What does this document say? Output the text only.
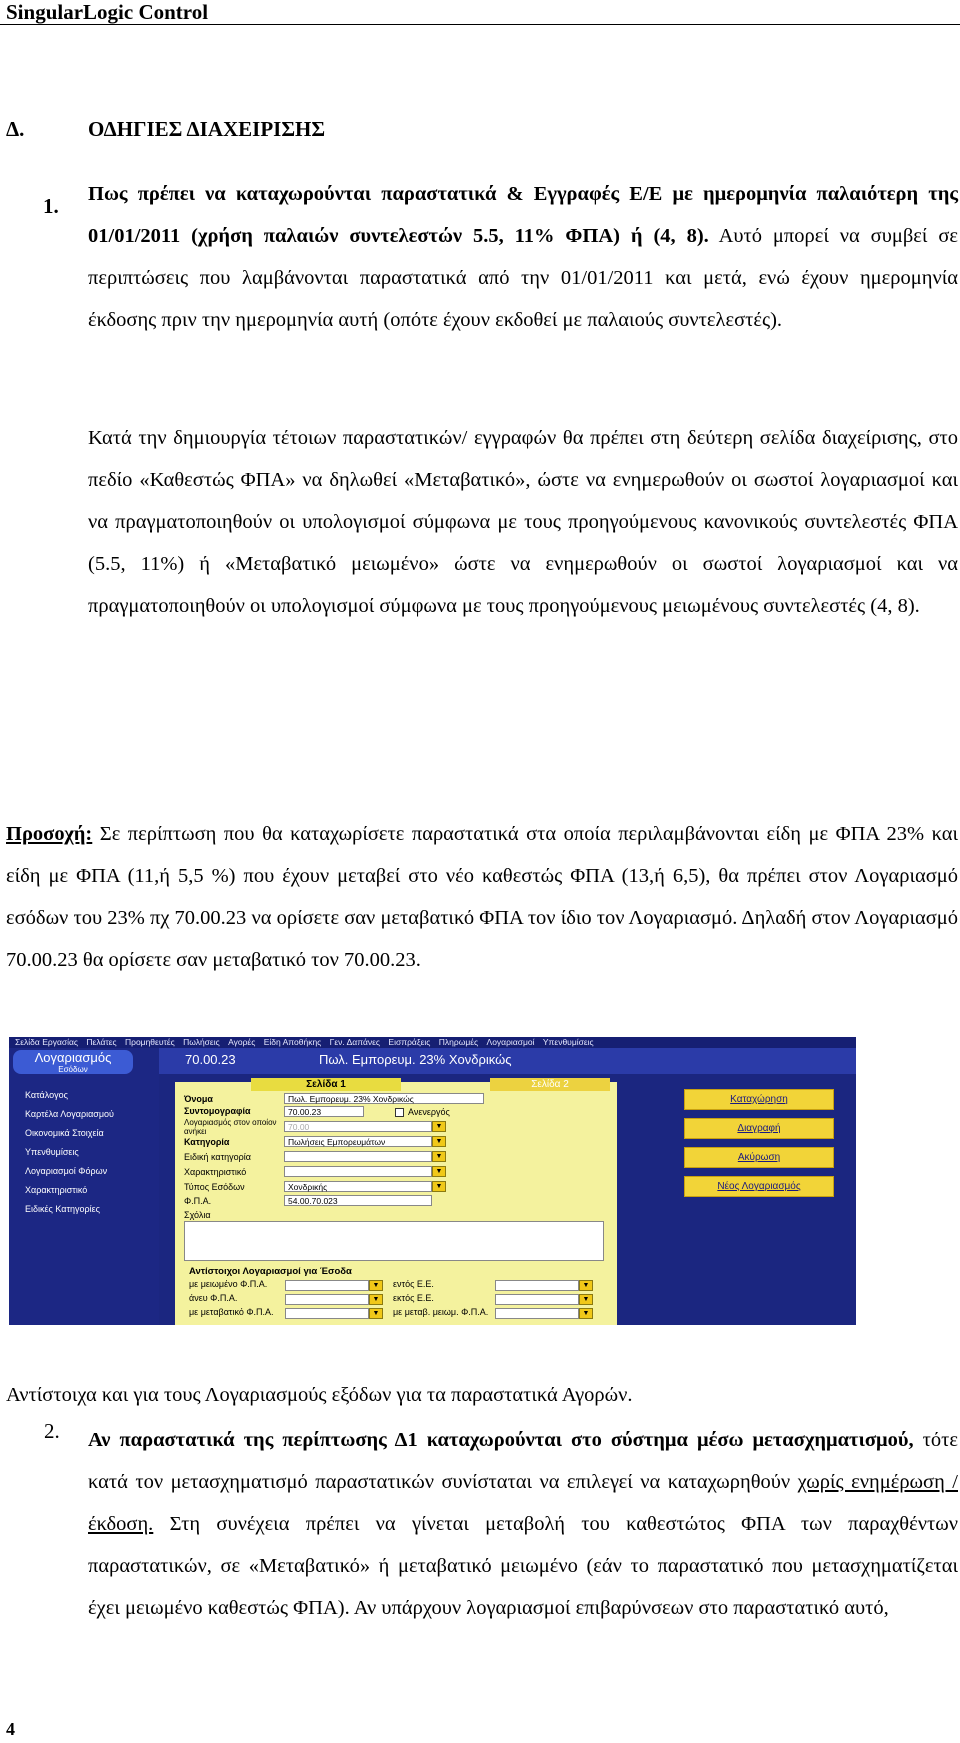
SingularLogic Control
Δ.	ΟΔΗΓΙΕΣ ΔΙΑΧΕΙΡΙΣΗΣ
1. Πως πρέπει να καταχωρούνται παραστατικά & Εγγραφές Ε/Ε με ημερομηνία παλαιότερη της 01/01/2011 (χρήση παλαιών συντελεστών 5.5, 11% ΦΠΑ) ή (4, 8). Αυτό μπορεί να συμβεί σε περιπτώσεις που λαμβάνονται παραστατικά από την 01/01/2011 και μετά, ενώ έχουν ημερομηνία έκδοσης πριν την ημερομηνία αυτή (οπότε έχουν εκδοθεί με παλαιούς συντελεστές).
Κατά την δημιουργία τέτοιων παραστατικών/ εγγραφών θα πρέπει στη δεύτερη σελίδα διαχείρισης, στο πεδίο «Καθεστώς ΦΠΑ» να δηλωθεί «Μεταβατικό», ώστε να ενημερωθούν οι σωστοί λογαριασμοί και να πραγματοποιηθούν οι υπολογισμοί σύμφωνα με τους προηγούμενους κανονικούς συντελεστές ΦΠΑ (5.5, 11%) ή «Μεταβατικό μειωμένο» ώστε να ενημερωθούν οι σωστοί λογαριασμοί και να πραγματοποιηθούν οι υπολογισμοί σύμφωνα με τους προηγούμενους μειωμένους συντελεστές (4, 8).
Προσοχή: Σε περίπτωση που θα καταχωρίσετε παραστατικά στα οποία περιλαμβάνονται είδη με ΦΠΑ 23% και είδη με ΦΠΑ (11,ή 5,5 %) που έχουν μεταβεί στο νέο καθεστώς ΦΠΑ (13,ή 6,5), θα πρέπει στον Λογαριασμό εσόδων του 23% πχ 70.00.23 να ορίσετε σαν μεταβατικό ΦΠΑ τον ίδιο τον Λογαριασμό. Δηλαδή στον Λογαριασμό 70.00.23 θα ορίσετε σαν μεταβατικό τον 70.00.23.
Σελίδα Εργασίας Πελάτες Προμηθευτές Πωλήσεις Αγορές Είδη Αποθήκης Γεν. Δαπάνες Εισπράξεις Πληρωμές Λογαριασμοί Υπενθυμίσεις
Λογαριασμός
Εσόδων
Κατάλογος
Καρτέλα Λογαριασμού
Οικονομικά Στοιχεία
Υπενθυμίσεις
Λογαριασμοί Φόρων
Χαρακτηριστικό
Ειδικές Κατηγορίες
70.00.23	Πωλ. Εμπορευμ. 23% Χονδρικώς
Σελίδα 1	Σελίδα 2
Όνομα	Πωλ. Εμπορευμ. 23% Χονδρικώς
Συντομογραφία	70.00.23	Ανενεργός
Λογαριασμός στον οποίον ανήκει	70.00	▼
Κατηγορία	Πωλήσεις Εμπορευμάτων	▼
Ειδική κατηγορία	▼
Χαρακτηριστικό	▼
Τύπος Εσόδων	Χονδρικής	▼
Φ.Π.Α.	54.00.70.023
Σχόλια
Αντίστοιχοι Λογαριασμοί για Έσοδα
με μειωμένο Φ.Π.Α.	▼
άνευ Φ.Π.Α.	▼
με μεταβατικό Φ.Π.Α.	▼
εντός Ε.Ε.	▼
εκτός Ε.Ε.	▼
με μεταβ. μειωμ. Φ.Π.Α.	▼
Καταχώρηση
Διαγραφή
Ακύρωση
Νέος Λογαριασμός
Αντίστοιχα και για τους Λογαριασμούς εξόδων για τα παραστατικά Αγορών.
2. Αν παραστατικά της περίπτωσης Δ1 καταχωρούνται στο σύστημα μέσω μετασχηματισμού, τότε κατά τον μετασχηματισμό παραστατικών συνίσταται να επιλεγεί να καταχωρηθούν χωρίς ενημέρωση /έκδοση. Στη συνέχεια πρέπει να γίνεται μεταβολή του καθεστώτος ΦΠΑ των παραχθέντων παραστατικών, σε «Μεταβατικό» ή μεταβατικό μειωμένο (εάν το παραστατικό που μετασχηματίζεται έχει μειωμένο καθεστώς ΦΠΑ). Αν υπάρχουν λογαριασμοί επιβαρύνσεων στο παραστατικό αυτό,
4
